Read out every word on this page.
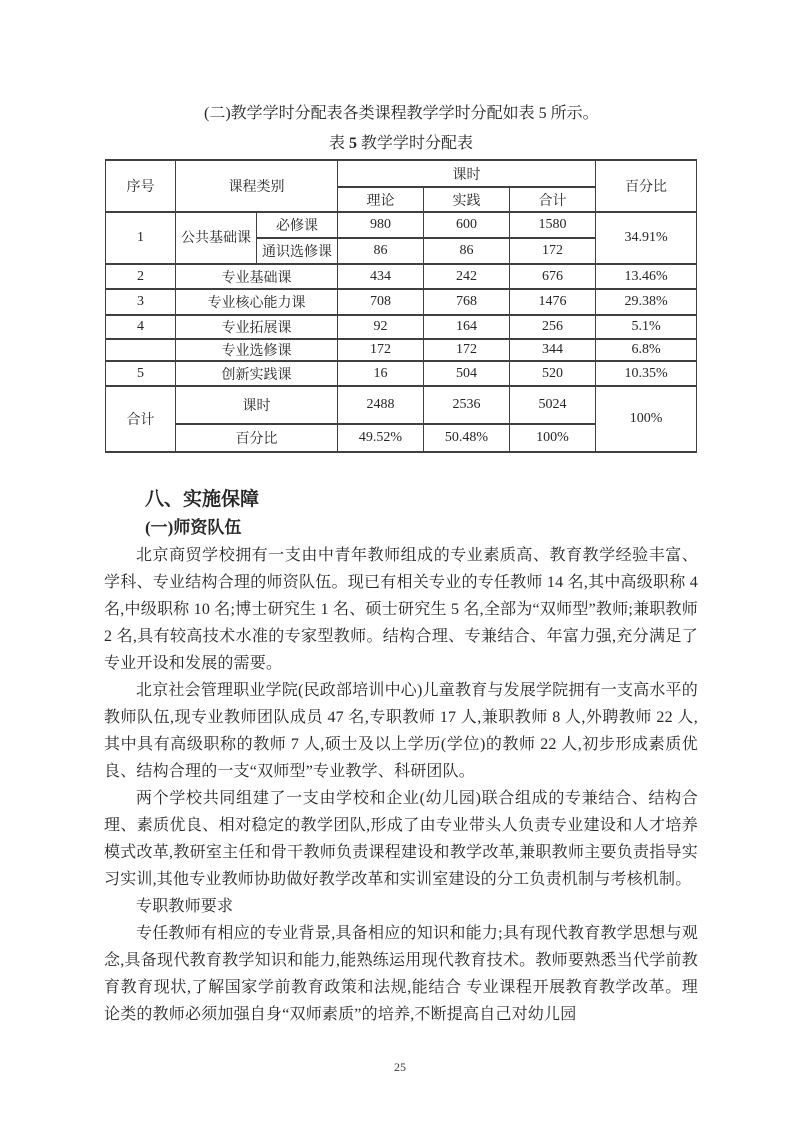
(二)教学学时分配表各类课程教学学时分配如表 5 所示。

表 5 教学学时分配表

序号	课程类别		课时			百分比
			理论	实践	合计	
1	公共基础课	必修课	980	600	1580	34.91%
		通识选修课	86	86	172	
2	专业基础课		434	242	676	13.46%
3	专业核心能力课		708	768	1476	29.38%
4	专业拓展课		92	164	256	5.1%
	专业选修课		172	172	344	6.8%
5	创新实践课		16	504	520	10.35%
合计	课时		2488	2536	5024	100%
	百分比		49.52%	50.48%	100%	
八、实施保障
(一)师资队伍

北京商贸学校拥有一支由中青年教师组成的专业素质高、教育教学经验丰富、学科、专业结构合理的师资队伍。现已有相关专业的专任教师 14 名,其中高级职称 4 名,中级职称 10 名;博士研究生 1 名、硕士研究生 5 名,全部为“双师型”教师;兼职教师 2 名,具有较高技术水准的专家型教师。结构合理、专兼结合、年富力强,充分满足了专业开设和发展的需要。

北京社会管理职业学院(民政部培训中心)儿童教育与发展学院拥有一支高水平的教师队伍,现专业教师团队成员 47 名,专职教师 17 人,兼职教师 8 人,外聘教师 22 人,其中具有高级职称的教师 7 人,硕士及以上学历(学位)的教师 22 人,初步形成素质优良、结构合理的一支“双师型”专业教学、科研团队。

两个学校共同组建了一支由学校和企业(幼儿园)联合组成的专兼结合、结构合理、素质优良、相对稳定的教学团队,形成了由专业带头人负责专业建设和人才培养模式改革,教研室主任和骨干教师负责课程建设和教学改革,兼职教师主要负责指导实习实训,其他专业教师协助做好教学改革和实训室建设的分工负责机制与考核机制。

专职教师要求

专任教师有相应的专业背景,具备相应的知识和能力;具有现代教育教学思想与观念,具备现代教育教学知识和能力,能熟练运用现代教育技术。教师要熟悉当代学前教育教育现状,了解国家学前教育政策和法规,能结合 专业课程开展教育教学改革。理论类的教师必须加强自身“双师素质”的培养,不断提高自己对幼儿园

25
